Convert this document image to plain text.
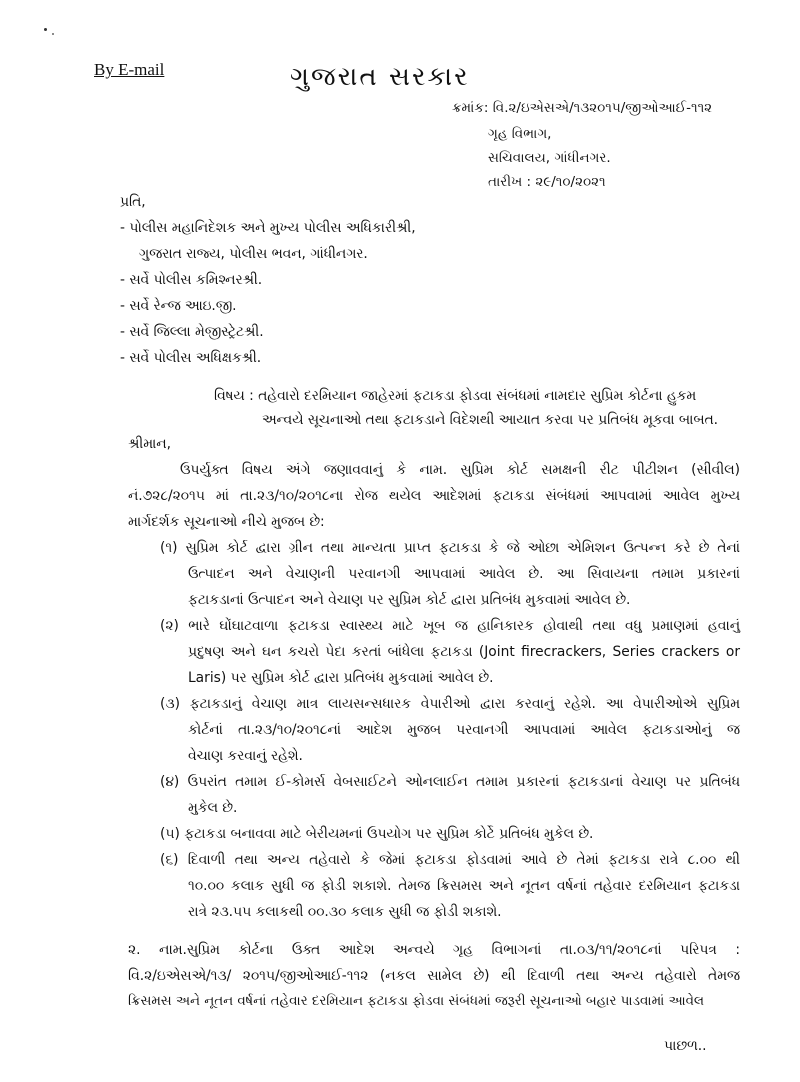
By E-mail	ગુજરાત સરકાર
ક્રમાંક: વિ.૨/ઇએસએ/૧૩૨૦૧૫/જીઓઆઈ-૧૧૨
ગૃહ વિભાગ,
સચિવાલય, ગાંધીનગર.
તારીખ : ૨૯/૧૦/૨૦૨૧
પ્રતિ,
- પોલીસ મહાનિદેશક અને મુખ્ય પોલીસ અધિકારીશ્રી,
ગુજરાત રાજ્ય, પોલીસ ભવન, ગાંધીનગર.
- સર્વે પોલીસ કમિશ્નરશ્રી.
- સર્વે રેન્જ આઇ.જી.
- સર્વે જિલ્લા મેજીસ્ટ્રેટશ્રી.
- સર્વે પોલીસ અધિક્ષકશ્રી.
વિષય : તહેવારો દરમિયાન જાહેરમાં ફટાકડા ફોડવા સંબંધમાં નામદાર સુપ્રિમ કોર્ટના હુકમ
અન્વયે સૂચનાઓ તથા ફટાકડાને વિદેશથી આયાત કરવા પર પ્રતિબંધ મૂકવા બાબત.
શ્રીમાન,
ઉપર્યુક્ત વિષય અંગે જણાવવાનું કે નામ. સુપ્રિમ કોર્ટ સમક્ષની રીટ પીટીશન (સીવીલ)
નં.૭૨૮/૨૦૧૫ માં તા.૨૩/૧૦/૨૦૧૮ના રોજ થયેલ આદેશમાં ફટાકડા સંબંધમાં આપવામાં આવેલ મુખ્ય
માર્ગદર્શક સૂચનાઓ નીચે મુજબ છે:
(૧) સુપ્રિમ કોર્ટ દ્વારા ગ્રીન તથા માન્યતા પ્રાપ્ત ફટાકડા કે જે ઓછા એમિશન ઉત્પન્ન કરે છે તેનાં
ઉત્પાદન અને વેચાણની પરવાનગી આપવામાં આવેલ છે. આ સિવાયના તમામ પ્રકારનાં
ફટાકડાનાં ઉત્પાદન અને વેચાણ પર સુપ્રિમ કોર્ટ દ્વારા પ્રતિબંધ મુકવામાં આવેલ છે.
(૨) ભારે ઘોંઘાટવાળા ફટાકડા સ્વાસ્થ્ય માટે ખૂબ જ હાનિકારક હોવાથી તથા વધુ પ્રમાણમાં હવાનું
પ્રદુષણ અને ઘન કચરો પેદા કરતાં બાંધેલા ફટાકડા (Joint firecrackers, Series crackers or
Laris) પર સુપ્રિમ કોર્ટ દ્વારા પ્રતિબંધ મુકવામાં આવેલ છે.
(૩) ફટાકડાનું વેચાણ માત્ર લાયસન્સધારક વેપારીઓ દ્વારા કરવાનું રહેશે. આ વેપારીઓએ સુપ્રિમ
કોર્ટનાં તા.૨૩/૧૦/૨૦૧૮નાં આદેશ મુજબ પરવાનગી આપવામાં આવેલ ફટાકડાઓનું જ
વેચાણ કરવાનું રહેશે.
(૪) ઉપરાંત તમામ ઈ-કોમર્સ વેબસાઈટને ઓનલાઈન તમામ પ્રકારનાં ફટાકડાનાં વેચાણ પર પ્રતિબંધ
મુકેલ છે.
(૫) ફટાકડા બનાવવા માટે બેરીયમનાં ઉપયોગ પર સુપ્રિમ કોર્ટે પ્રતિબંધ મુકેલ છે.
(૬) દિવાળી તથા અન્ય તહેવારો કે જેમાં ફટાકડા ફોડવામાં આવે છે તેમાં ફટાકડા રાત્રે ૮.૦૦ થી
૧૦.૦૦ કલાક સુધી જ ફોડી શકાશે. તેમજ ક્રિસમસ અને નૂતન વર્ષનાં તહેવાર દરમિયાન ફટાકડા
રાત્રે ૨૩.૫૫ કલાકથી ૦૦.૩૦ કલાક સુધી જ ફોડી શકાશે.
૨. નામ.સુપ્રિમ કોર્ટના ઉક્ત આદેશ અન્વયે ગૃહ વિભાગનાં તા.૦૩/૧૧/૨૦૧૮નાં પરિપત્ર :
વિ.૨/ઇએસએ/૧૩/ ૨૦૧૫/જીઓઆઈ-૧૧૨ (નકલ સામેલ છે) થી દિવાળી તથા અન્ય તહેવારો તેમજ
ક્રિસમસ અને નૂતન વર્ષનાં તહેવાર દરમિયાન ફટાકડા ફોડવા સંબંધમાં જરૂરી સૂચનાઓ બહાર પાડવામાં આવેલ
પાછળ..
